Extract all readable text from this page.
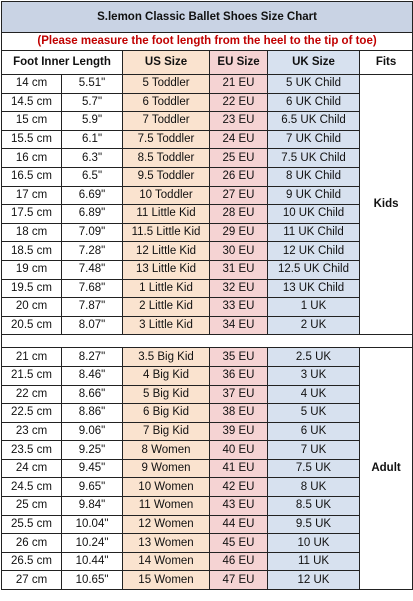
S.lemon Classic Ballet Shoes Size Chart					
(Please measure the foot length from the heel to the tip of toe)					
Foot Inner Length		US Size	EU Size	UK Size	Fits
14 cm	5.51"	5 Toddler	21 EU	5 UK Child	Kids
14.5 cm	5.7"	6 Toddler	22 EU	6 UK Child	
15 cm	5.9"	7 Toddler	23 EU	6.5 UK Child	
15.5 cm	6.1"	7.5 Toddler	24 EU	7 UK Child	
16 cm	6.3"	8.5 Toddler	25 EU	7.5 UK Child	
16.5 cm	6.5"	9.5 Toddler	26 EU	8 UK Child	
17 cm	6.69"	10 Toddler	27 EU	9 UK Child	
17.5 cm	6.89"	11 Little Kid	28 EU	10 UK Child	
18 cm	7.09"	11.5 Little Kid	29 EU	11 UK Child	
18.5 cm	7.28"	12 Little Kid	30 EU	12 UK Child	
19 cm	7.48"	13 Little Kid	31 EU	12.5 UK Child	
19.5 cm	7.68"	1 Little Kid	32 EU	13 UK Child	
20 cm	7.87"	2 Little Kid	33 EU	1 UK	
20.5 cm	8.07"	3 Little Kid	34 EU	2 UK	

21 cm	8.27"	3.5 Big Kid	35 EU	2.5 UK	Adult
21.5 cm	8.46"	4 Big Kid	36 EU	3 UK	
22 cm	8.66"	5 Big Kid	37 EU	4 UK	
22.5 cm	8.86"	6 Big Kid	38 EU	5 UK	
23 cm	9.06"	7 Big Kid	39 EU	6 UK	
23.5 cm	9.25"	8 Women	40 EU	7 UK	
24 cm	9.45"	9 Women	41 EU	7.5 UK	
24.5 cm	9.65"	10 Women	42 EU	8 UK	
25 cm	9.84"	11 Women	43 EU	8.5 UK	
25.5 cm	10.04"	12 Women	44 EU	9.5 UK	
26 cm	10.24"	13 Women	45 EU	10 UK	
26.5 cm	10.44"	14 Women	46 EU	11 UK	
27 cm	10.65"	15 Women	47 EU	12 UK	
